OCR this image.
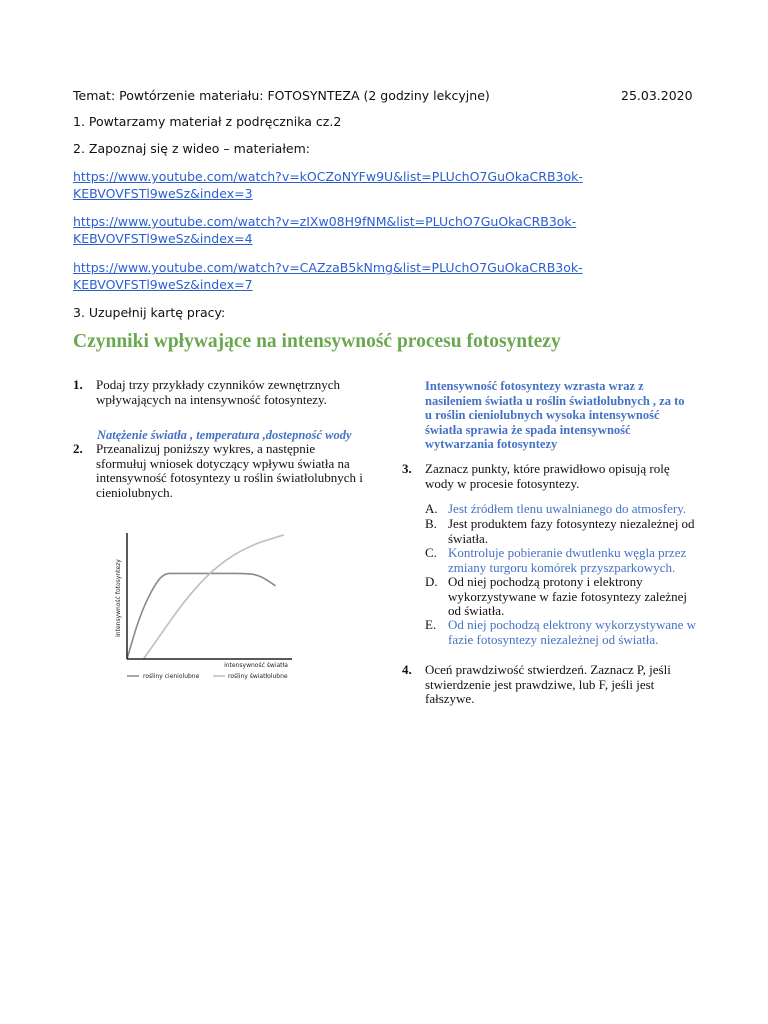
Temat: Powtórzenie materiału: FOTOSYNTEZA (2 godziny lekcyjne)	25.03.2020
1. Powtarzamy materiał z podręcznika cz.2
2. Zapoznaj się z wideo – materiałem:
https://www.youtube.com/watch?v=kOCZoNYFw9U&list=PLUchO7GuOkaCRB3ok-
KEBVOVFSTl9weSz&index=3
https://www.youtube.com/watch?v=zIXw08H9fNM&list=PLUchO7GuOkaCRB3ok-
KEBVOVFSTl9weSz&index=4
https://www.youtube.com/watch?v=CAZzaB5kNmg&list=PLUchO7GuOkaCRB3ok-
KEBVOVFSTl9weSz&index=7
3. Uzupełnij kartę pracy:
Czynniki wpływające na intensywność procesu fotosyntezy
1. Podaj trzy przykłady czynników zewnętrznych
wpływających na intensywność fotosyntezy.
Natężenie światła , temperatura ,dostepność wody
2. Przeanalizuj poniższy wykres, a następnie
sformułuj wniosek dotyczący wpływu światła na
intensywność fotosyntezy u roślin światłolubnych i
cieniolubnych.
intensywność fotosyntezy
intensywność światła
rośliny cieniolubne	rośliny światłolubne
Intensywność fotosyntezy wzrasta wraz z
nasileniem światła u roślin światłolubnych , za to
u roślin cieniolubnych wysoka intensywność
światła sprawia że spada intensywność
wytwarzania fotosyntezy
3. Zaznacz punkty, które prawidłowo opisują rolę
wody w procesie fotosyntezy.
A. Jest źródłem tlenu uwalnianego do atmosfery.
B. Jest produktem fazy fotosyntezy niezależnej od
światła.
C. Kontroluje pobieranie dwutlenku węgla przez
zmiany turgoru komórek przyszparkowych.
D. Od niej pochodzą protony i elektrony
wykorzystywane w fazie fotosyntezy zależnej
od światła.
E. Od niej pochodzą elektrony wykorzystywane w
fazie fotosyntezy niezależnej od światła.
4. Oceń prawdziwość stwierdzeń. Zaznacz P, jeśli
stwierdzenie jest prawdziwe, lub F, jeśli jest
fałszywe.
